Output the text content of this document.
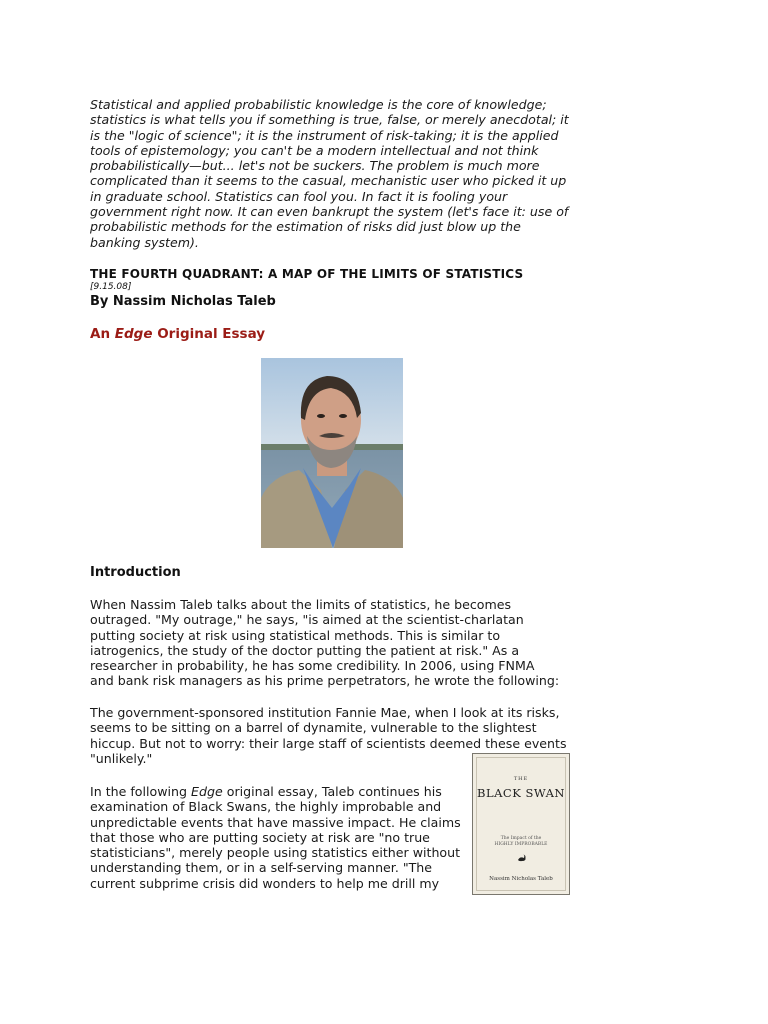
Statistical and applied probabilistic knowledge is the core of knowledge; statistics is what tells you if something is true, false, or merely anecdotal; it is the "logic of science"; it is the instrument of risk-taking; it is the applied tools of epistemology; you can't be a modern intellectual and not think probabilistically—but... let's not be suckers. The problem is much more complicated than it seems to the casual, mechanistic user who picked it up in graduate school. Statistics can fool you. In fact it is fooling your government right now. It can even bankrupt the system (let's face it: use of probabilistic methods for the estimation of risks did just blow up the banking system).
THE FOURTH QUADRANT: A MAP OF THE LIMITS OF STATISTICS
[9.15.08]
By Nassim Nicholas Taleb
An Edge Original Essay
Introduction
When Nassim Taleb talks about the limits of statistics, he becomes outraged. "My outrage," he says, "is aimed at the scientist-charlatan putting society at risk using statistical methods. This is similar to iatrogenics, the study of the doctor putting the patient at risk." As a researcher in probability, he has some credibility. In 2006, using FNMA and bank risk managers as his prime perpetrators, he wrote the following:
The government-sponsored institution Fannie Mae, when I look at its risks, seems to be sitting on a barrel of dynamite, vulnerable to the slightest hiccup. But not to worry: their large staff of scientists deemed these events "unlikely."
In the following Edge original essay, Taleb continues his examination of Black Swans, the highly improbable and unpredictable events that have massive impact. He claims that those who are putting society at risk are "no true statisticians", merely people using statistics either without understanding them, or in a self-serving manner. "The current subprime crisis did wonders to help me drill my
THE
BLACK SWAN
The Impact of the
HIGHLY IMPROBABLE
Nassim Nicholas Taleb
